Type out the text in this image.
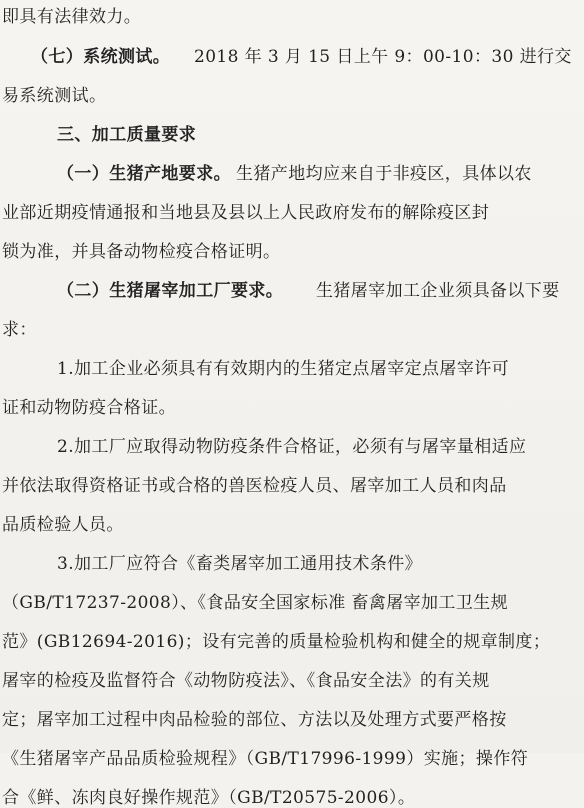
即具有法律效力。
（七）系统测试。 2018 年 3 月 15 日上午 9：00-10：30 进行交
易系统测试。
三、加工质量要求
（一）生猪产地要求。 生猪产地均应来自于非疫区，具体以农
业部近期疫情通报和当地县及县以上人民政府发布的解除疫区封
锁为准，并具备动物检疫合格证明。
（二）生猪屠宰加工厂要求。 生猪屠宰加工企业须具备以下要
求：
1.加工企业必须具有有效期内的生猪定点屠宰定点屠宰许可
证和动物防疫合格证。
2.加工厂应取得动物防疫条件合格证，必须有与屠宰量相适应
并依法取得资格证书或合格的兽医检疫人员、屠宰加工人员和肉品
品质检验人员。
3.加工厂应符合《畜类屠宰加工通用技术条件》
（GB/T17237-2008）、《食品安全国家标准 畜禽屠宰加工卫生规
范》(GB12694-2016)；设有完善的质量检验机构和健全的规章制度；
屠宰的检疫及监督符合《动物防疫法》、《食品安全法》的有关规
定；屠宰加工过程中肉品检验的部位、方法以及处理方式要严格按
《生猪屠宰产品品质检验规程》（GB/T17996-1999）实施；操作符
合《鲜、冻肉良好操作规范》（GB/T20575-2006）。
